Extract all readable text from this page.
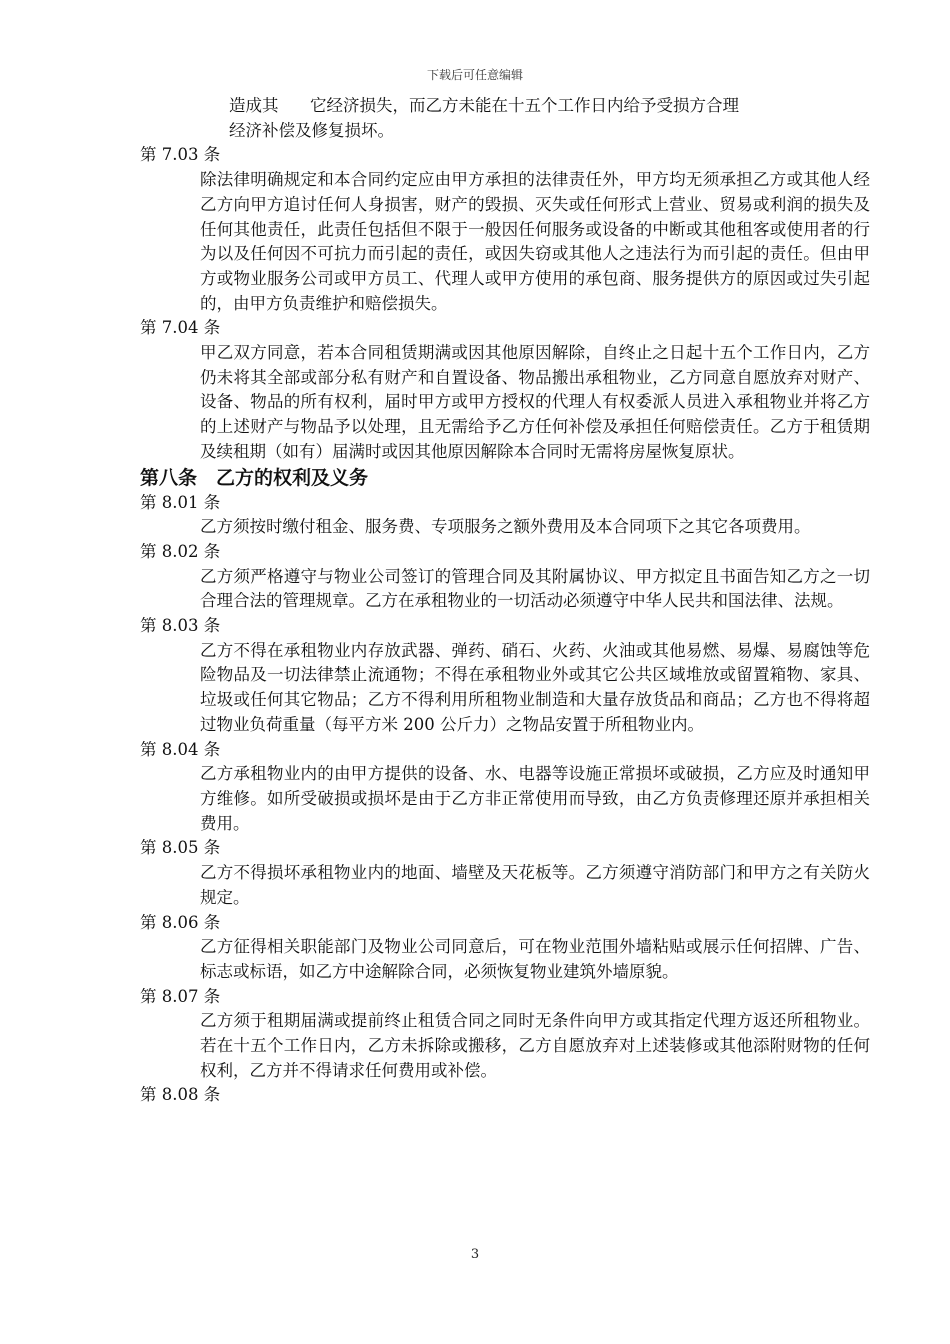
下载后可任意编辑

造成其      它经济损失，而乙方未能在十五个工作日内给予受损方合理

经济补偿及修复损坏。

第 7.03 条

除法律明确规定和本合同约定应由甲方承担的法律责任外，甲方均无须承担乙方或其他人经乙方向甲方追讨任何人身损害，财产的毁损、灭失或任何形式上营业、贸易或利润的损失及任何其他责任，此责任包括但不限于一般因任何服务或设备的中断或其他租客或使用者的行为以及任何因不可抗力而引起的责任，或因失窃或其他人之违法行为而引起的责任。但由甲方或物业服务公司或甲方员工、代理人或甲方使用的承包商、服务提供方的原因或过失引起的，由甲方负责维护和赔偿损失。

第 7.04 条

甲乙双方同意，若本合同租赁期满或因其他原因解除，自终止之日起十五个工作日内，乙方仍未将其全部或部分私有财产和自置设备、物品搬出承租物业，乙方同意自愿放弃对财产、设备、物品的所有权利，届时甲方或甲方授权的代理人有权委派人员进入承租物业并将乙方的上述财产与物品予以处理，且无需给予乙方任何补偿及承担任何赔偿责任。乙方于租赁期及续租期（如有）届满时或因其他原因解除本合同时无需将房屋恢复原状。

第八条　乙方的权利及义务

第 8.01 条

乙方须按时缴付租金、服务费、专项服务之额外费用及本合同项下之其它各项费用。

第 8.02 条

乙方须严格遵守与物业公司签订的管理合同及其附属协议、甲方拟定且书面告知乙方之一切合理合法的管理规章。乙方在承租物业的一切活动必须遵守中华人民共和国法律、法规。

第 8.03 条

乙方不得在承租物业内存放武器、弹药、硝石、火药、火油或其他易燃、易爆、易腐蚀等危险物品及一切法律禁止流通物；不得在承租物业外或其它公共区域堆放或留置箱物、家具、垃圾或任何其它物品；乙方不得利用所租物业制造和大量存放货品和商品；乙方也不得将超过物业负荷重量（每平方米 200 公斤力）之物品安置于所租物业内。

第 8.04 条

乙方承租物业内的由甲方提供的设备、水、电器等设施正常损坏或破损，乙方应及时通知甲方维修。如所受破损或损坏是由于乙方非正常使用而导致，由乙方负责修理还原并承担相关费用。

第 8.05 条

乙方不得损坏承租物业内的地面、墙壁及天花板等。乙方须遵守消防部门和甲方之有关防火规定。

第 8.06 条

乙方征得相关职能部门及物业公司同意后，可在物业范围外墙粘贴或展示任何招牌、广告、标志或标语，如乙方中途解除合同，必须恢复物业建筑外墙原貌。

第 8.07 条

乙方须于租期届满或提前终止租赁合同之同时无条件向甲方或其指定代理方返还所租物业。若在十五个工作日内，乙方未拆除或搬移，乙方自愿放弃对上述装修或其他添附财物的任何权利，乙方并不得请求任何费用或补偿。

第 8.08 条

3
